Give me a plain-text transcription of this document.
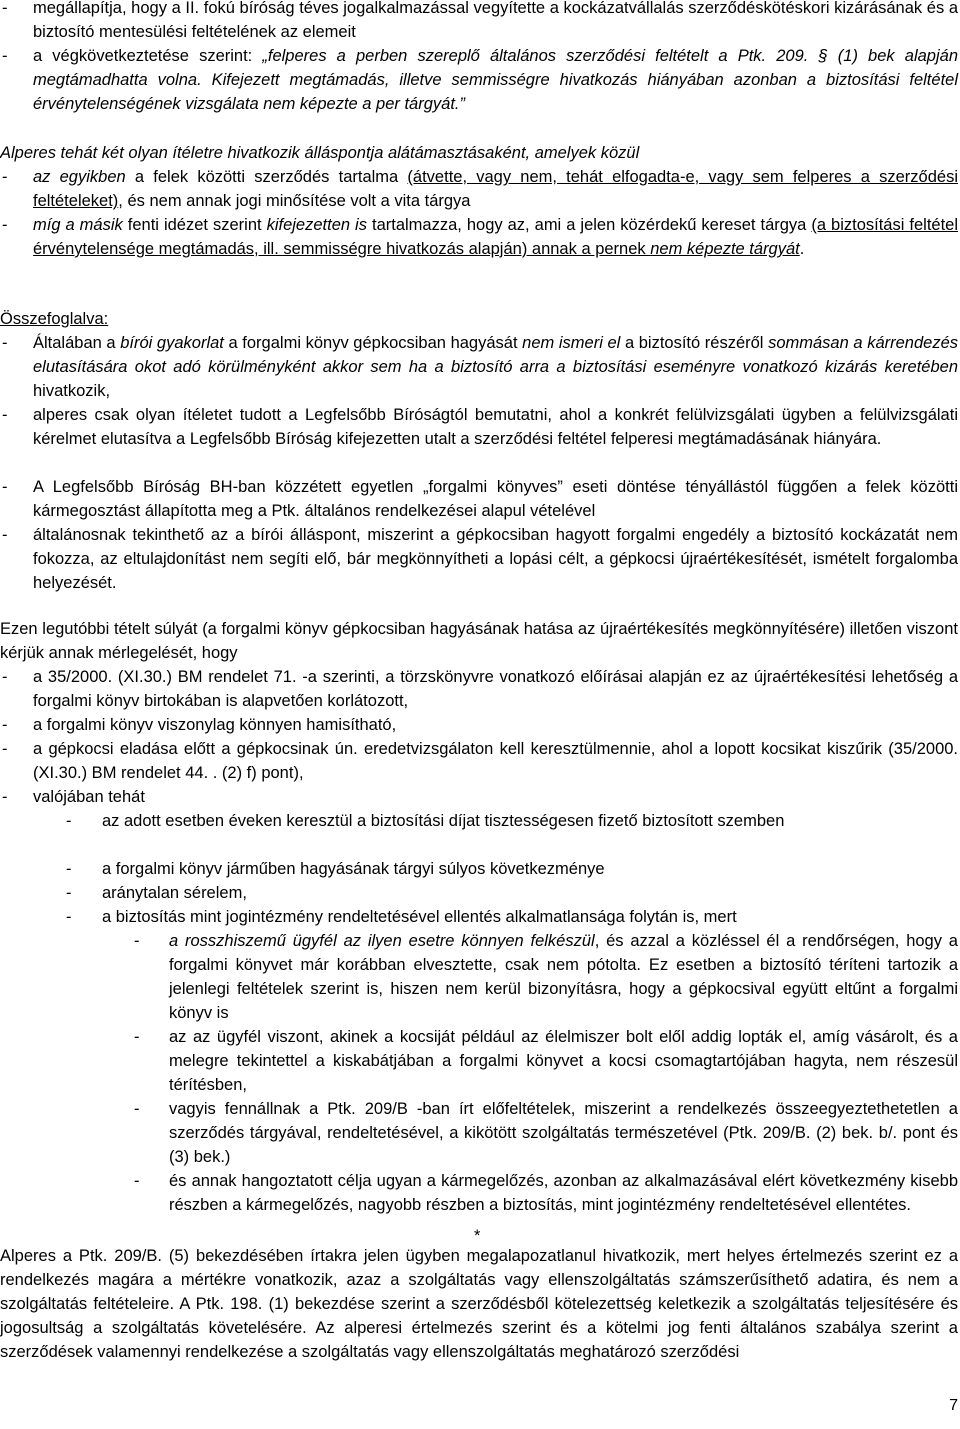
- megállapítja, hogy a II. fokú bíróság téves jogalkalmazással vegyítette a kockázatvállalás szerződéskötéskori kizárásának és a biztosító mentesülési feltételének az elemeit
- a végkövetkeztetése szerint: „felperes a perben szereplő általános szerződési feltételt a Ptk. 209. § (1) bek alapján megtámadhatta volna. Kifejezett megtámadás, illetve semmisségre hivatkozás hiányában azonban a biztosítási feltétel érvénytelenségének vizsgálata nem képezte a per tárgyát.”
Alperes tehát két olyan ítéletre hivatkozik álláspontja alátámasztásaként, amelyek közül
- az egyikben a felek közötti szerződés tartalma (átvette, vagy nem, tehát elfogadta-e, vagy sem felperes a szerződési feltételeket), és nem annak jogi minősítése volt a vita tárgya
- míg a másik fenti idézet szerint kifejezetten is tartalmazza, hogy az, ami a jelen közérdekű kereset tárgya (a biztosítási feltétel érvénytelensége megtámadás, ill. semmisségre hivatkozás alapján) annak a pernek nem képezte tárgyát.
Összefoglalva:
- Általában a bírói gyakorlat a forgalmi könyv gépkocsiban hagyását nem ismeri el a biztosító részéről sommásan a kárrendezés elutasítására okot adó körülményként akkor sem ha a biztosító arra a biztosítási eseményre vonatkozó kizárás keretében hivatkozik,
- alperes csak olyan ítéletet tudott a Legfelsőbb Bíróságtól bemutatni, ahol a konkrét felülvizsgálati ügyben a felülvizsgálati kérelmet elutasítva a Legfelsőbb Bíróság kifejezetten utalt a szerződési feltétel felperesi megtámadásának hiányára.
- A Legfelsőbb Bíróság BH-ban közzétett egyetlen „forgalmi könyves” eseti döntése tényállástól függően a felek közötti kármegosztást állapította meg a Ptk. általános rendelkezései alapul vételével
- általánosnak tekinthető az a bírói álláspont, miszerint a gépkocsiban hagyott forgalmi engedély a biztosító kockázatát nem fokozza, az eltulajdonítást nem segíti elő, bár megkönnyítheti a lopási célt, a gépkocsi újraértékesítését, ismételt forgalomba helyezését.
Ezen legutóbbi tételt súlyát (a forgalmi könyv gépkocsiban hagyásának hatása az újraértékesítés megkönnyítésére) illetően viszont kérjük annak mérlegelését, hogy
- a 35/2000. (XI.30.) BM rendelet 71. -a szerinti, a törzskönyvre vonatkozó előírásai alapján ez az újraértékesítési lehetőség a forgalmi könyv birtokában is alapvetően korlátozott,
- a forgalmi könyv viszonylag könnyen hamisítható,
- a gépkocsi eladása előtt a gépkocsinak ún. eredetvizsgálaton kell keresztülmennie, ahol a lopott kocsikat kiszűrik (35/2000. (XI.30.) BM rendelet 44. . (2) f) pont),
- valójában tehát
- az adott esetben éveken keresztül a biztosítási díjat tisztességesen fizető biztosított szemben
- a forgalmi könyv járműben hagyásának tárgyi súlyos következménye
- aránytalan sérelem,
- a biztosítás mint jogintézmény rendeltetésével ellentés alkalmatlansága folytán is, mert
- a rosszhiszemű ügyfél az ilyen esetre könnyen felkészül, és azzal a közléssel él a rendőrségen, hogy a forgalmi könyvet már korábban elvesztette, csak nem pótolta. Ez esetben a biztosító téríteni tartozik a jelenlegi feltételek szerint is, hiszen nem kerül bizonyításra, hogy a gépkocsival együtt eltűnt a forgalmi könyv is
- az az ügyfél viszont, akinek a kocsiját például az élelmiszer bolt elől addig lopták el, amíg vásárolt, és a melegre tekintettel a kiskabátjában a forgalmi könyvet a kocsi csomagtartójában hagyta, nem részesül térítésben,
- vagyis fennállnak a Ptk. 209/B -ban írt előfeltételek, miszerint a rendelkezés összeegyeztethetetlen a szerződés tárgyával, rendeltetésével, a kikötött szolgáltatás természetével (Ptk. 209/B. (2) bek. b/. pont és (3) bek.)
- és annak hangoztatott célja ugyan a kármegelőzés, azonban az alkalmazásával elért következmény kisebb részben a kármegelőzés, nagyobb részben a biztosítás, mint jogintézmény rendeltetésével ellentétes.
*
Alperes a Ptk. 209/B. (5) bekezdésében írtakra jelen ügyben megalapozatlanul hivatkozik, mert helyes értelmezés szerint ez a rendelkezés magára a mértékre vonatkozik, azaz a szolgáltatás vagy ellenszolgáltatás számszerűsíthető adatira, és nem a szolgáltatás feltételeire. A Ptk. 198. (1) bekezdése szerint a szerződésből kötelezettség keletkezik a szolgáltatás teljesítésére és jogosultság a szolgáltatás követelésére. Az alperesi értelmezés szerint és a kötelmi jog fenti általános szabálya szerint a szerződések valamennyi rendelkezése a szolgáltatás vagy ellenszolgáltatás meghatározó szerződési
7
